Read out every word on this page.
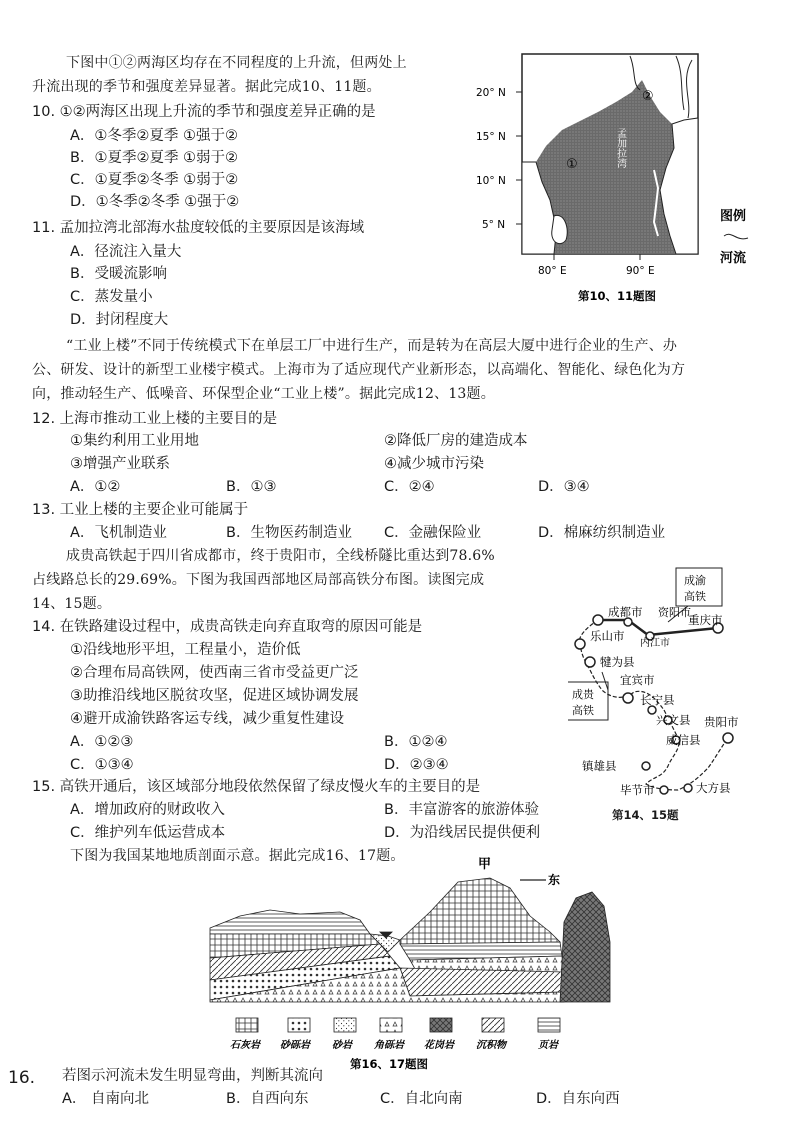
下图中①②两海区均存在不同程度的上升流，但两处上
升流出现的季节和强度差异显著。据此完成10、11题。
10. ①②两海区出现上升流的季节和强度差异正确的是
A．①冬季②夏季 ①强于②
B．①夏季②夏季 ①弱于②
C．①夏季②冬季 ①弱于②
D．①冬季②冬季 ①强于②
11. 孟加拉湾北部海水盐度较低的主要原因是该海域
A．径流注入量大
B．受暖流影响
C．蒸发量小
D．封闭程度大
20° N
15° N
10° N
5° N
80° E	90° E
①
②
孟加拉湾
图例
河流
第10、11题图
“工业上楼”不同于传统模式下在单层工厂中进行生产，而是转为在高层大厦中进行企业的生产、办
公、研发、设计的新型工业楼宇模式。上海市为了适应现代产业新形态，以高端化、智能化、绿色化为方
向，推动轻生产、低噪音、环保型企业“工业上楼”。据此完成12、13题。
12. 上海市推动工业上楼的主要目的是
①集约利用工业用地	②降低厂房的建造成本
③增强产业联系	④减少城市污染
A．①②	B．①③	C．②④	D．③④
13. 工业上楼的主要企业可能属于
A．飞机制造业	B．生物医药制造业 C．金融保险业	D．棉麻纺织制造业
成贵高铁起于四川省成都市，终于贵阳市，全线桥隧比重达到78.6%
占线路总长的29.69%。下图为我国西部地区局部高铁分布图。读图完成
14、15题。
14. 在铁路建设过程中，成贵高铁走向弃直取弯的原因可能是
①沿线地形平坦，工程量小，造价低
②合理布局高铁网，使西南三省市受益更广泛
③助推沿线地区脱贫攻坚，促进区域协调发展
④避开成渝铁路客运专线，减少重复性建设
A．①②③	B．①②④
C．①③④	D．②③④
成渝
高铁
成贵
高铁
成都市 资阳市
内江市
重庆市
乐山市
犍为县
宜宾市
长宁县
兴文县
威信县
镇雄县
贵阳市
毕节市	大方县
第14、15题
15. 高铁开通后，该区域部分地段依然保留了绿皮慢火车的主要目的是
A．增加政府的财政收入	B．丰富游客的旅游体验
C．维护列车低运营成本	D．为沿线居民提供便利
下图为我国某地地质剖面示意。据此完成16、17题。
甲
东
石灰岩 砂砾岩 砂岩 角砾岩 花岗岩 沉积物	页岩
第16、17题图
16. 若图示河流未发生明显弯曲，判断其流向
A． 自南向北	B．自西向东	C．自北向南	D．自东向西
